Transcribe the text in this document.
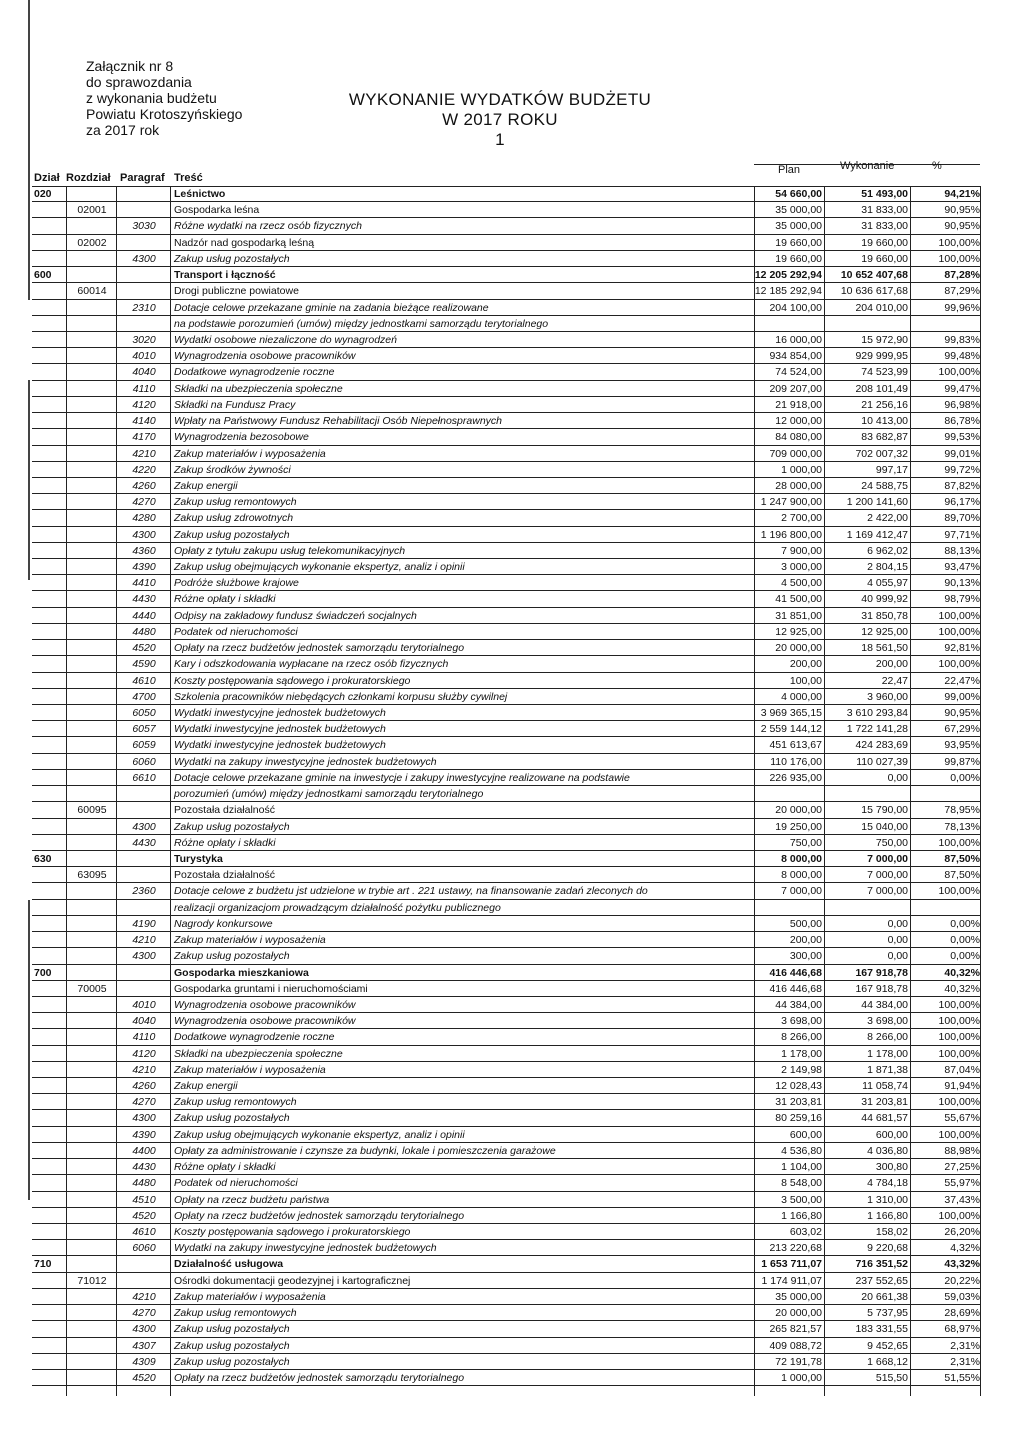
Załącznik nr 8
do sprawozdania
z wykonania budżetu
Powiatu Krotoszyńskiego
za 2017 rok
WYKONANIE WYDATKÓW BUDŻETU
W 2017 ROKU
1
Dział Rozdział Paragraf Treść
Plan	Wykonanie	%
020	Leśnictwo	54 660,00	51 493,00	94,21%
02001	Gospodarka leśna	35 000,00	31 833,00	90,95%
3030	Różne wydatki na rzecz osób fizycznych	35 000,00	31 833,00	90,95%
02002	Nadzór nad gospodarką leśną	19 660,00	19 660,00	100,00%
4300	Zakup usług pozostałych	19 660,00	19 660,00	100,00%
600	Transport i łączność	12 205 292,94	10 652 407,68	87,28%
60014	Drogi publiczne powiatowe	12 185 292,94	10 636 617,68	87,29%
2310	Dotacje celowe przekazane gminie na zadania bieżące realizowane	204 100,00	204 010,00	99,96%
na podstawie porozumień (umów) między jednostkami samorządu terytorialnego
3020	Wydatki osobowe niezaliczone do wynagrodzeń	16 000,00	15 972,90	99,83%
4010	Wynagrodzenia osobowe pracowników	934 854,00	929 999,95	99,48%
4040	Dodatkowe wynagrodzenie roczne	74 524,00	74 523,99	100,00%
4110	Składki na ubezpieczenia społeczne	209 207,00	208 101,49	99,47%
4120	Składki na Fundusz Pracy	21 918,00	21 256,16	96,98%
4140	Wpłaty na Państwowy Fundusz Rehabilitacji Osób Niepełnosprawnych	12 000,00	10 413,00	86,78%
4170	Wynagrodzenia bezosobowe	84 080,00	83 682,87	99,53%
4210	Zakup materiałów i wyposażenia	709 000,00	702 007,32	99,01%
4220	Zakup środków żywności	1 000,00	997,17	99,72%
4260	Zakup energii	28 000,00	24 588,75	87,82%
4270	Zakup usług remontowych	1 247 900,00	1 200 141,60	96,17%
4280	Zakup usług zdrowotnych	2 700,00	2 422,00	89,70%
4300	Zakup usług pozostałych	1 196 800,00	1 169 412,47	97,71%
4360	Opłaty z tytułu zakupu usług telekomunikacyjnych	7 900,00	6 962,02	88,13%
4390	Zakup usług obejmujących wykonanie ekspertyz, analiz i opinii	3 000,00	2 804,15	93,47%
4410	Podróże służbowe krajowe	4 500,00	4 055,97	90,13%
4430	Różne opłaty i składki	41 500,00	40 999,92	98,79%
4440	Odpisy na zakładowy fundusz świadczeń socjalnych	31 851,00	31 850,78	100,00%
4480	Podatek od nieruchomości	12 925,00	12 925,00	100,00%
4520	Opłaty na rzecz budżetów jednostek samorządu terytorialnego	20 000,00	18 561,50	92,81%
4590	Kary i odszkodowania wypłacane na rzecz osób fizycznych	200,00	200,00	100,00%
4610	Koszty postępowania sądowego i prokuratorskiego	100,00	22,47	22,47%
4700	Szkolenia pracowników niebędących członkami korpusu służby cywilnej	4 000,00	3 960,00	99,00%
6050	Wydatki inwestycyjne jednostek budżetowych	3 969 365,15	3 610 293,84	90,95%
6057	Wydatki inwestycyjne jednostek budżetowych	2 559 144,12	1 722 141,28	67,29%
6059	Wydatki inwestycyjne jednostek budżetowych	451 613,67	424 283,69	93,95%
6060	Wydatki na zakupy inwestycyjne jednostek budżetowych	110 176,00	110 027,39	99,87%
6610	Dotacje celowe przekazane gminie na inwestycje i zakupy inwestycyjne realizowane na podstawie	226 935,00	0,00	0,00%
porozumień (umów) między jednostkami samorządu terytorialnego
60095	Pozostała działalność	20 000,00	15 790,00	78,95%
4300	Zakup usług pozostałych	19 250,00	15 040,00	78,13%
4430	Różne opłaty i składki	750,00	750,00	100,00%
630	Turystyka	8 000,00	7 000,00	87,50%
63095	Pozostała działalność	8 000,00	7 000,00	87,50%
2360	Dotacje celowe z budżetu jst udzielone w trybie art . 221 ustawy, na finansowanie zadań zleconych do	7 000,00	7 000,00	100,00%
realizacji organizacjom prowadzącym działalność pożytku publicznego
4190	Nagrody konkursowe	500,00	0,00	0,00%
4210	Zakup materiałów i wyposażenia	200,00	0,00	0,00%
4300	Zakup usług pozostałych	300,00	0,00	0,00%
700	Gospodarka mieszkaniowa	416 446,68	167 918,78	40,32%
70005	Gospodarka gruntami i nieruchomościami	416 446,68	167 918,78	40,32%
4010	Wynagrodzenia osobowe pracowników	44 384,00	44 384,00	100,00%
4040	Wynagrodzenia osobowe pracowników	3 698,00	3 698,00	100,00%
4110	Dodatkowe wynagrodzenie roczne	8 266,00	8 266,00	100,00%
4120	Składki na ubezpieczenia społeczne	1 178,00	1 178,00	100,00%
4210	Zakup materiałów i wyposażenia	2 149,98	1 871,38	87,04%
4260	Zakup energii	12 028,43	11 058,74	91,94%
4270	Zakup usług remontowych	31 203,81	31 203,81	100,00%
4300	Zakup usług pozostałych	80 259,16	44 681,57	55,67%
4390	Zakup usług obejmujących wykonanie ekspertyz, analiz i opinii	600,00	600,00	100,00%
4400	Opłaty za administrowanie i czynsze za budynki, lokale i pomieszczenia garażowe	4 536,80	4 036,80	88,98%
4430	Różne opłaty i składki	1 104,00	300,80	27,25%
4480	Podatek od nieruchomości	8 548,00	4 784,18	55,97%
4510	Opłaty na rzecz budżetu państwa	3 500,00	1 310,00	37,43%
4520	Opłaty na rzecz budżetów jednostek samorządu terytorialnego	1 166,80	1 166,80	100,00%
4610	Koszty postępowania sądowego i prokuratorskiego	603,02	158,02	26,20%
6060	Wydatki na zakupy inwestycyjne jednostek budżetowych	213 220,68	9 220,68	4,32%
710	Działalność usługowa	1 653 711,07	716 351,52	43,32%
71012	Ośrodki dokumentacji geodezyjnej i kartograficznej	1 174 911,07	237 552,65	20,22%
4210	Zakup materiałów i wyposażenia	35 000,00	20 661,38	59,03%
4270	Zakup usług remontowych	20 000,00	5 737,95	28,69%
4300	Zakup usług pozostałych	265 821,57	183 331,55	68,97%
4307	Zakup usług pozostałych	409 088,72	9 452,65	2,31%
4309	Zakup usług pozostałych	72 191,78	1 668,12	2,31%
4520	Opłaty na rzecz budżetów jednostek samorządu terytorialnego	1 000,00	515,50	51,55%
